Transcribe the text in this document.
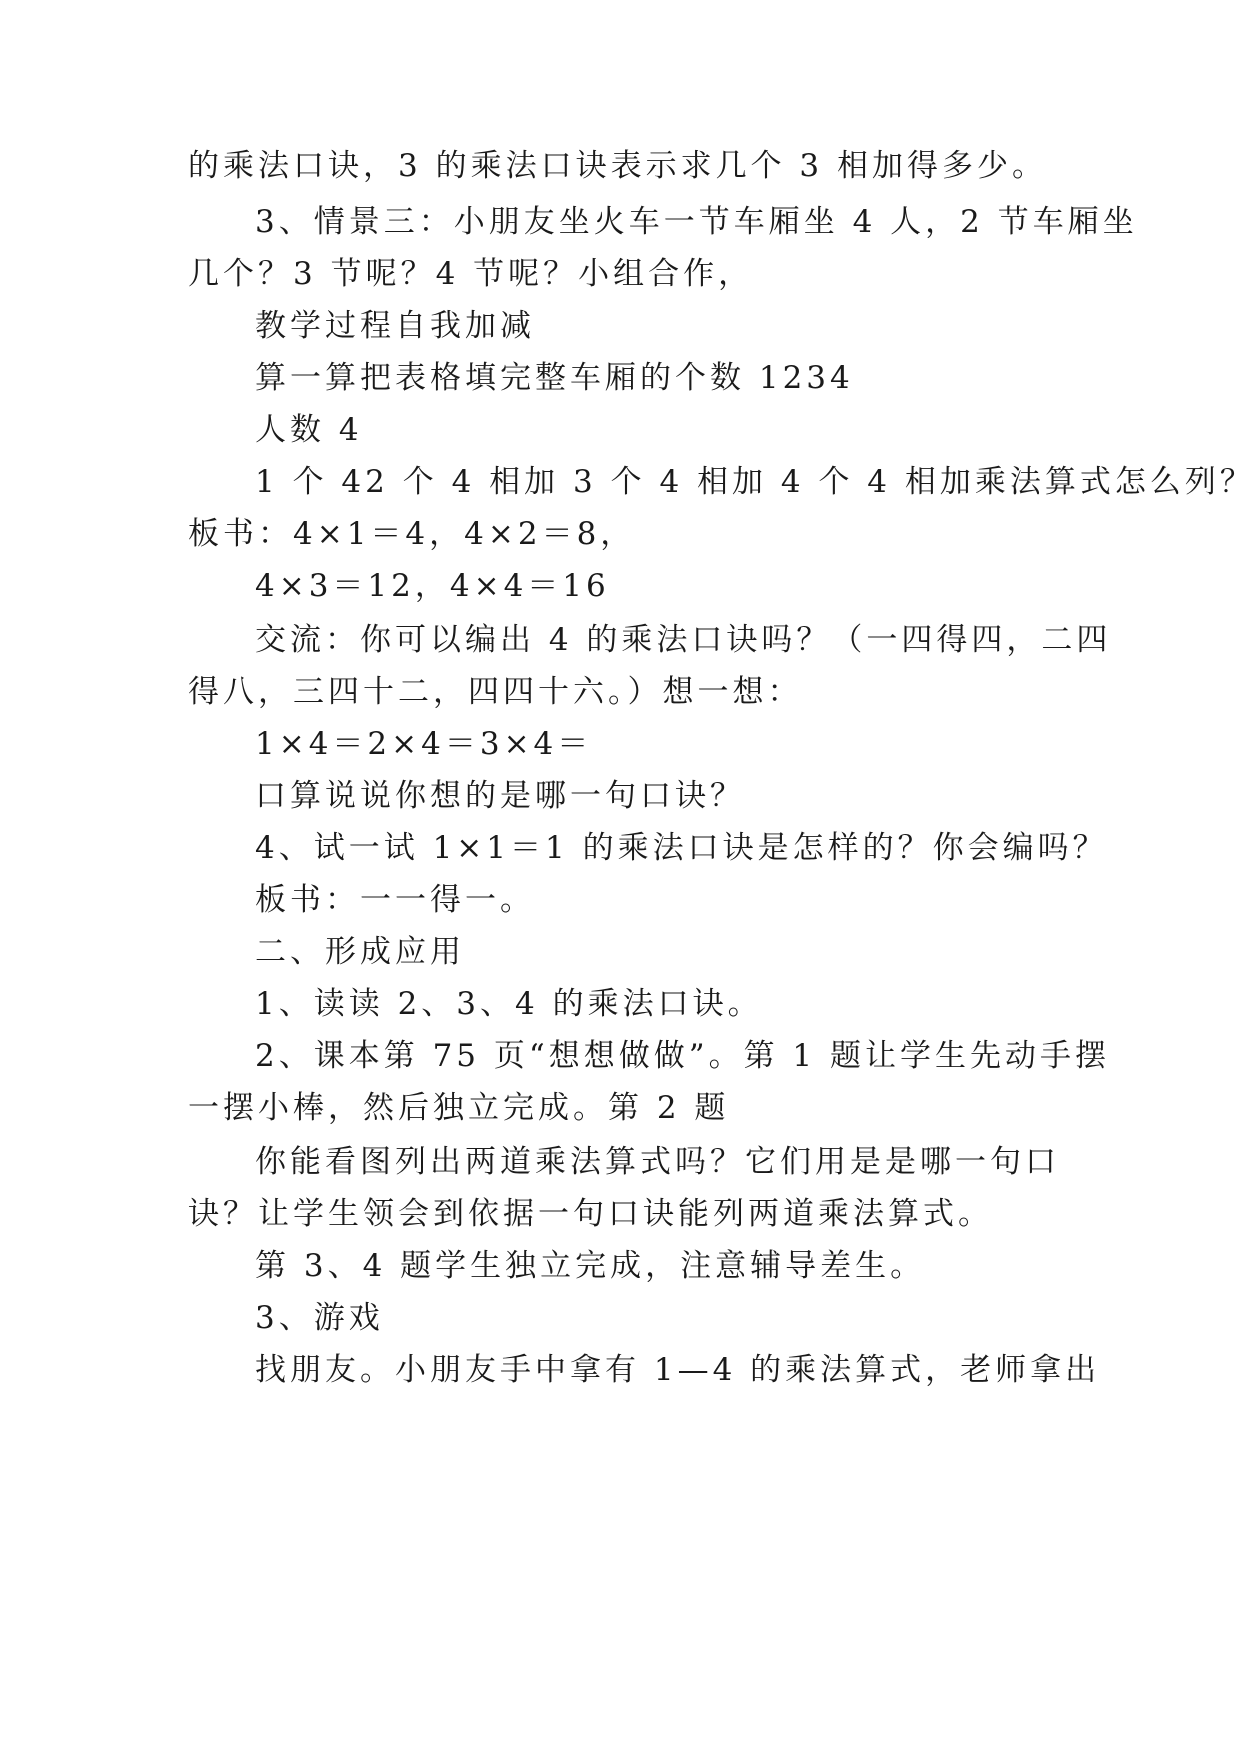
的乘法口诀，3 的乘法口诀表示求几个 3 相加得多少。
3、情景三：小朋友坐火车一节车厢坐 4 人，2 节车厢坐
几个？3 节呢？4 节呢？小组合作，
教学过程自我加减
算一算把表格填完整车厢的个数 1234
人数 4
1 个 42 个 4 相加 3 个 4 相加 4 个 4 相加乘法算式怎么列？
板书：4×1＝4，4×2＝8，
4×3＝12，4×4＝16
交流：你可以编出 4 的乘法口诀吗？（一四得四，二四
得八，三四十二，四四十六。）想一想：
1×4＝2×4＝3×4＝
口算说说你想的是哪一句口诀？
4、试一试 1×1＝1 的乘法口诀是怎样的？你会编吗？
板书：一一得一。
二、形成应用
1、读读 2、3、4 的乘法口诀。
2、课本第 75 页“想想做做”。第 1 题让学生先动手摆
一摆小棒，然后独立完成。第 2 题
你能看图列出两道乘法算式吗？它们用是是哪一句口
诀？让学生领会到依据一句口诀能列两道乘法算式。
第 3、4 题学生独立完成，注意辅导差生。
3、游戏
找朋友。小朋友手中拿有 1—4 的乘法算式，老师拿出
